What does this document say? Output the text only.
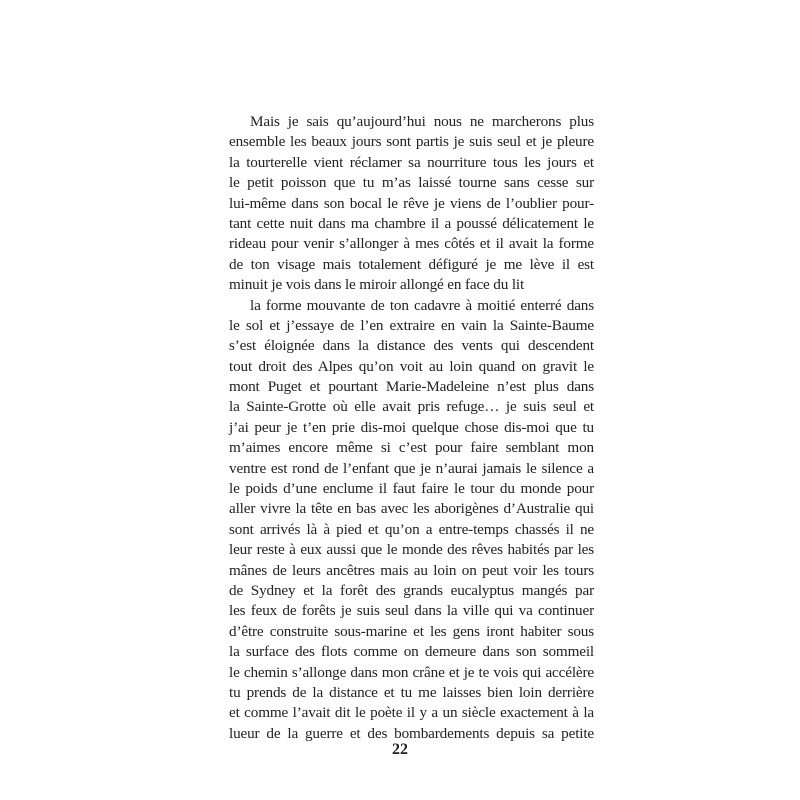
Mais je sais qu’aujourd’hui nous ne marcherons plus
ensemble les beaux jours sont partis je suis seul et je pleure
la tourterelle vient réclamer sa nourriture tous les jours et
le petit poisson que tu m’as laissé tourne sans cesse sur
lui-même dans son bocal le rêve je viens de l’oublier pour-
tant cette nuit dans ma chambre il a poussé délicatement le
rideau pour venir s’allonger à mes côtés et il avait la forme
de ton visage mais totalement défiguré je me lève il est
minuit je vois dans le miroir allongé en face du lit
la forme mouvante de ton cadavre à moitié enterré dans
le sol et j’essaye de l’en extraire en vain la Sainte-Baume
s’est éloignée dans la distance des vents qui descendent
tout droit des Alpes qu’on voit au loin quand on gravit le
mont Puget et pourtant Marie-Madeleine n’est plus dans
la Sainte-Grotte où elle avait pris refuge… je suis seul et
j’ai peur je t’en prie dis-moi quelque chose dis-moi que tu
m’aimes encore même si c’est pour faire semblant mon
ventre est rond de l’enfant que je n’aurai jamais le silence a
le poids d’une enclume il faut faire le tour du monde pour
aller vivre la tête en bas avec les aborigènes d’Australie qui
sont arrivés là à pied et qu’on a entre-temps chassés il ne
leur reste à eux aussi que le monde des rêves habités par les
mânes de leurs ancêtres mais au loin on peut voir les tours
de Sydney et la forêt des grands eucalyptus mangés par
les feux de forêts je suis seul dans la ville qui va continuer
d’être construite sous-marine et les gens iront habiter sous
la surface des flots comme on demeure dans son sommeil
le chemin s’allonge dans mon crâne et je te vois qui accélère
tu prends de la distance et tu me laisses bien loin derrière
et comme l’avait dit le poète il y a un siècle exactement à la
lueur de la guerre et des bombardements depuis sa petite
22
